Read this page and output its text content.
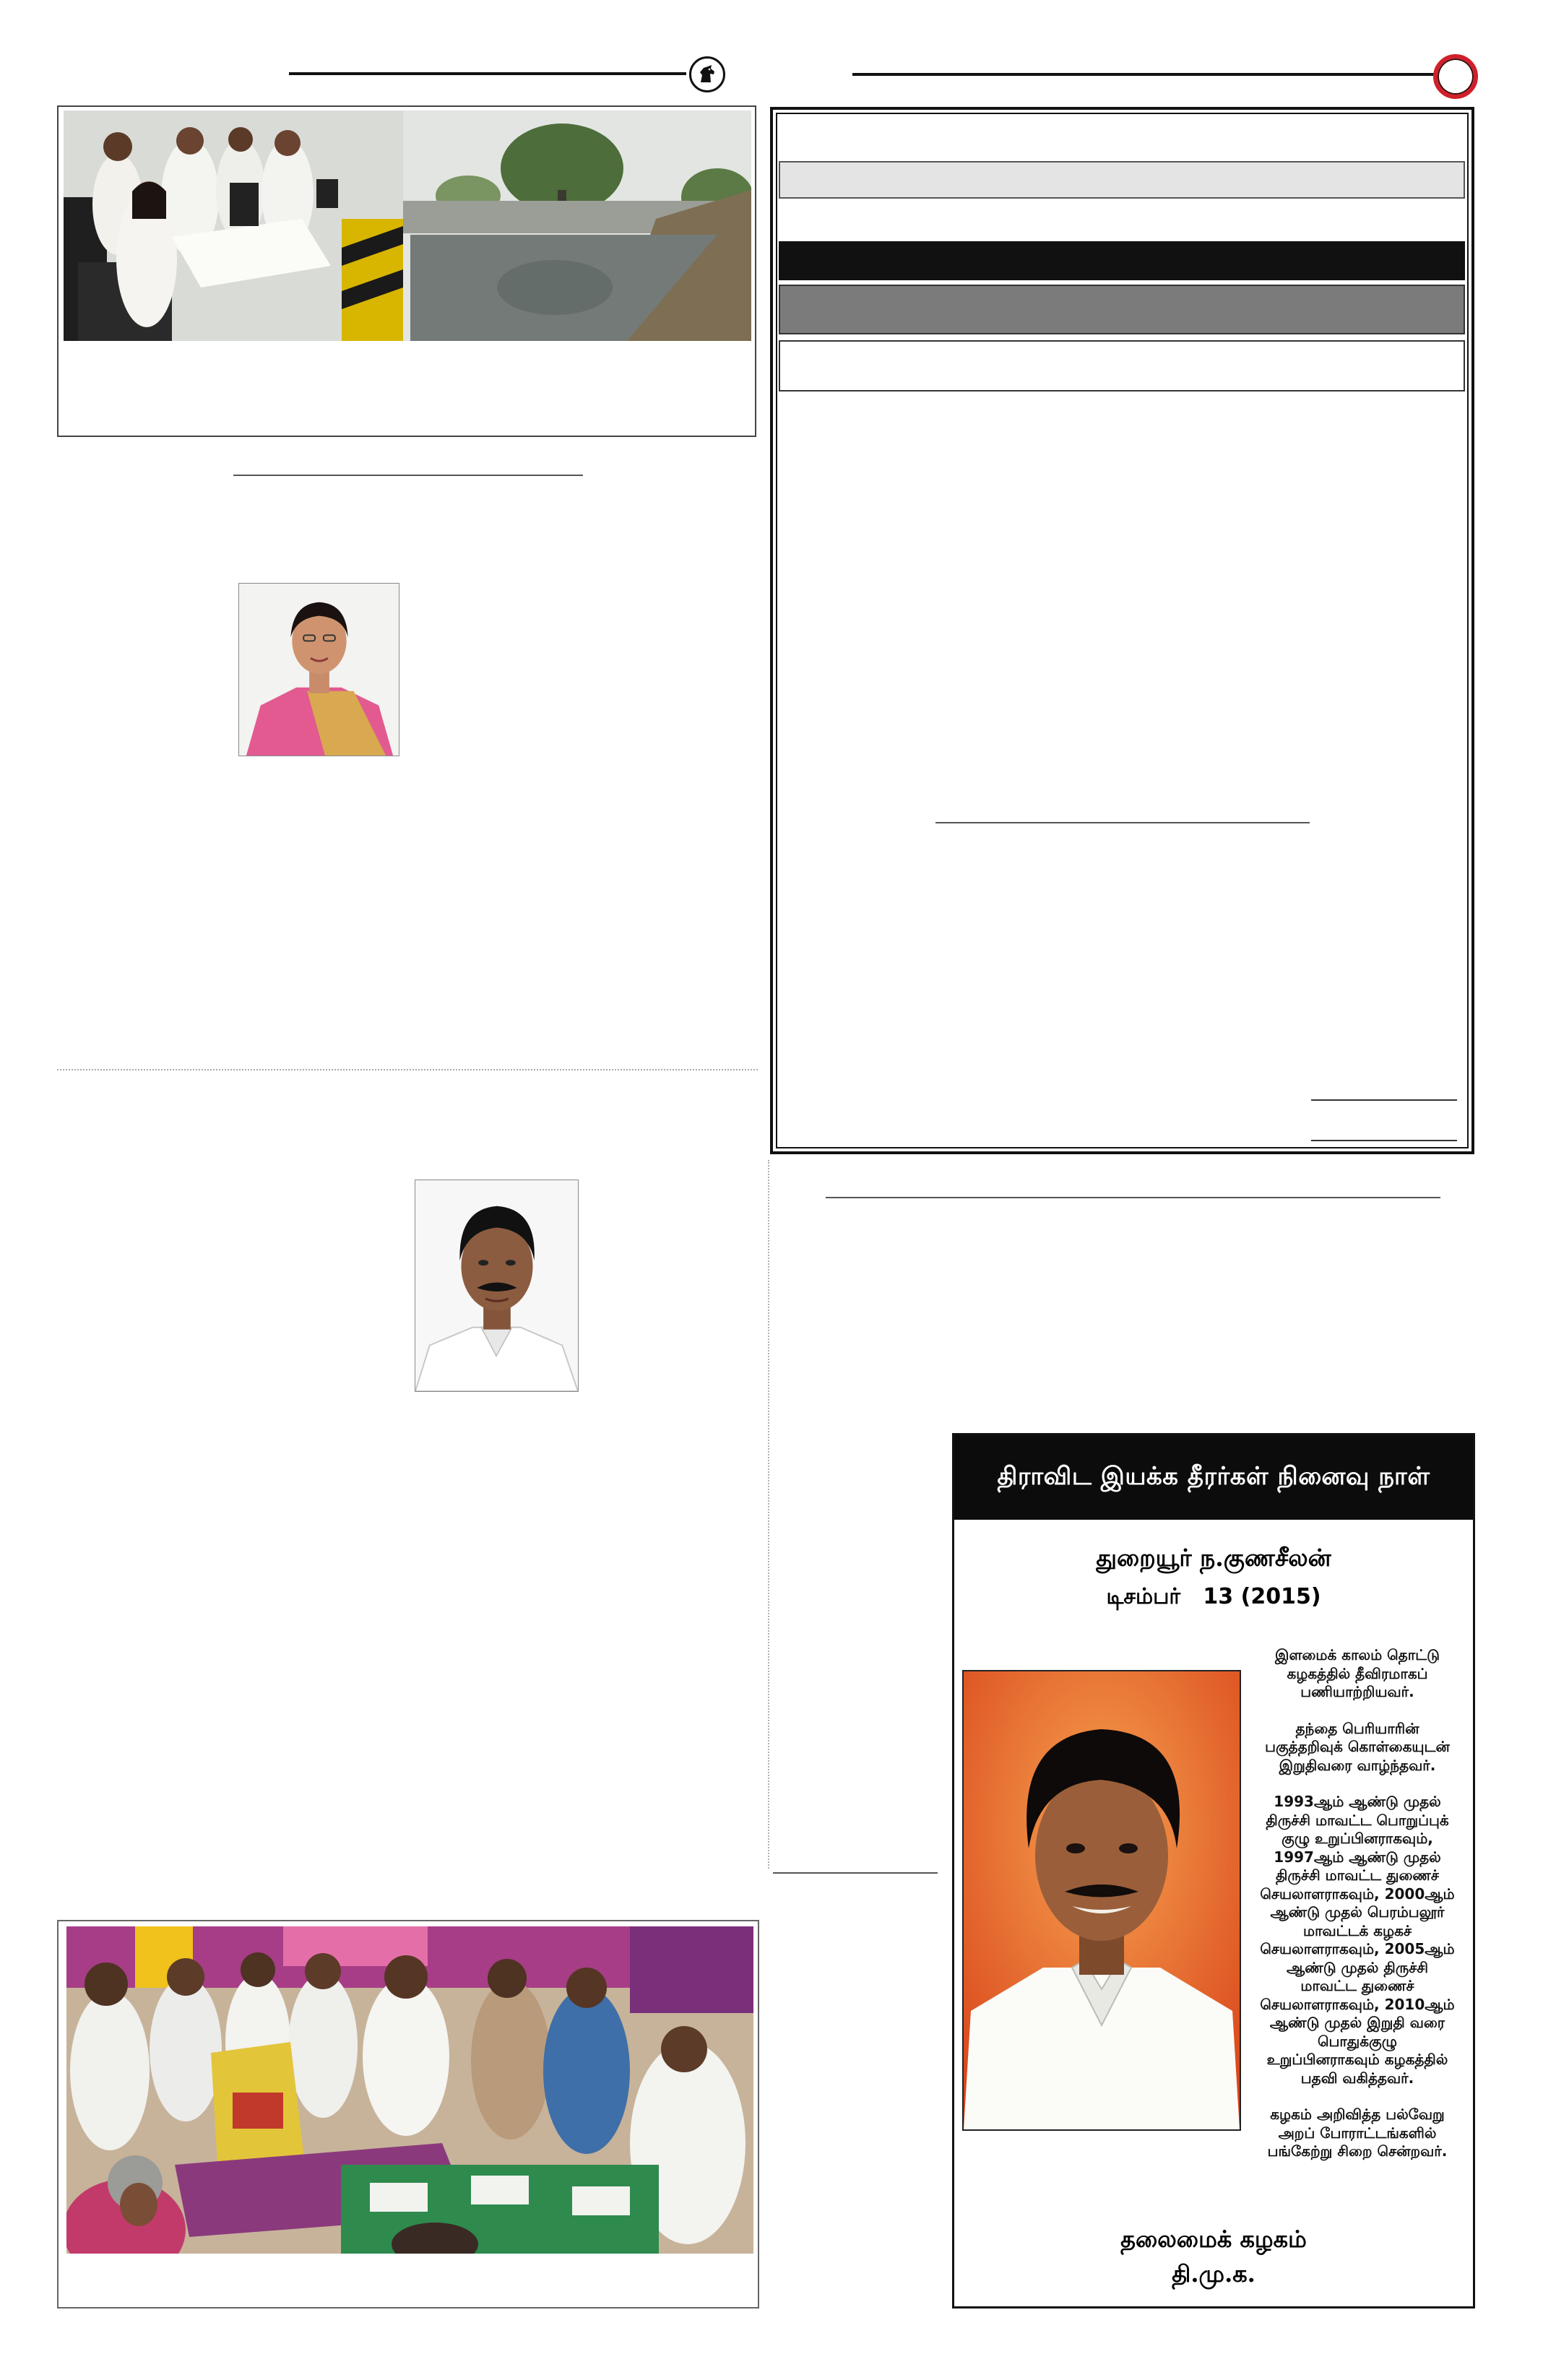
திராவிட இயக்க தீரர்கள் நினைவு நாள்
துறையூர் ந.குணசீலன்
டிசம்பர்   13 (2015)
இளமைக் காலம் தொட்டு
கழகத்தில் தீவிரமாகப்
பணியாற்றியவர்.
தந்தை பெரியாரின்
பகுத்தறிவுக் கொள்கையுடன்
இறுதிவரை வாழ்ந்தவர்.
1993ஆம் ஆண்டு முதல்
திருச்சி மாவட்ட பொறுப்புக்
குழு உறுப்பினராகவும்,
1997ஆம் ஆண்டு முதல்
திருச்சி மாவட்ட துணைச்
செயலாளராகவும், 2000ஆம்
ஆண்டு முதல் பெரம்பலூர்
மாவட்டக் கழகச்
செயலாளராகவும், 2005ஆம்
ஆண்டு முதல் திருச்சி
மாவட்ட துணைச்
செயலாளராகவும், 2010ஆம்
ஆண்டு முதல் இறுதி வரை
பொதுக்குழு
உறுப்பினராகவும் கழகத்தில்
பதவி வகித்தவர்.
கழகம் அறிவித்த பல்வேறு
அறப் போராட்டங்களில்
பங்கேற்று சிறை சென்றவர்.
தலைமைக் கழகம்
தி.மு.க.
